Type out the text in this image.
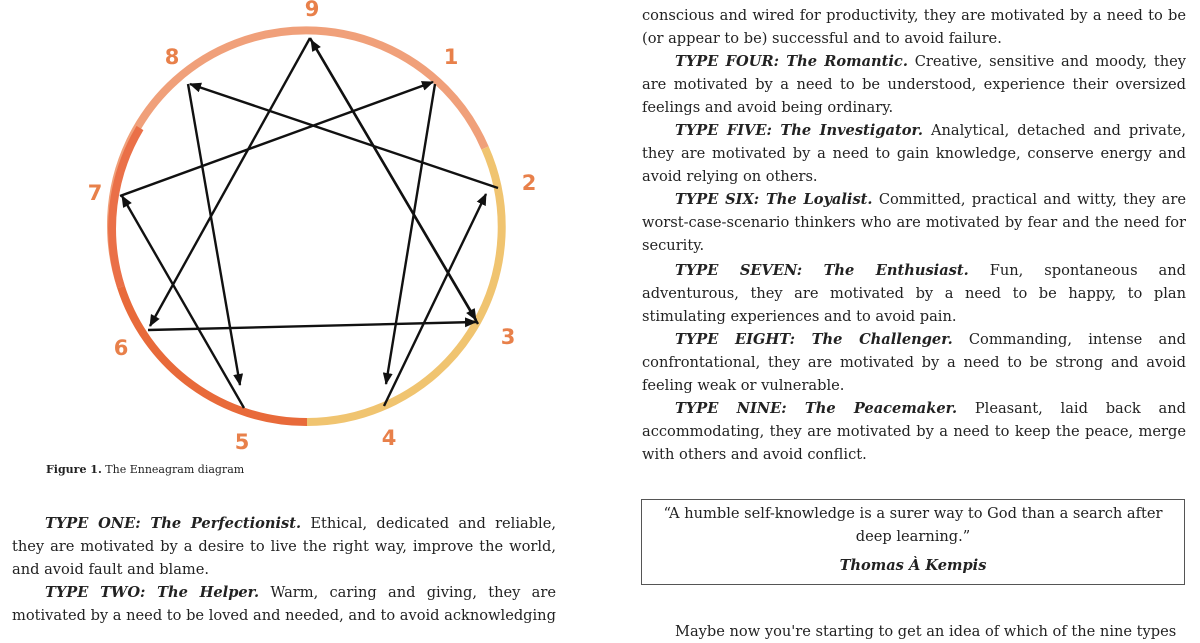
9
1
2
3
4
5
6
7
8
Figure 1. The Enneagram diagram
TYPE ONE: The Perfectionist. Ethical, dedicated and reliable, they are motivated by a desire to live the right way, improve the world, and avoid fault and blame.
TYPE TWO: The Helper. Warm, caring and giving, they are motivated by a need to be loved and needed, and to avoid acknowledging
conscious and wired for productivity, they are motivated by a need to be (or appear to be) successful and to avoid failure.
TYPE FOUR: The Romantic. Creative, sensitive and moody, they are motivated by a need to be understood, experience their oversized feelings and avoid being ordinary.
TYPE FIVE: The Investigator. Analytical, detached and private, they are motivated by a need to gain knowledge, conserve energy and avoid relying on others.
TYPE SIX: The Loyalist. Committed, practical and witty, they are worst-case-scenario thinkers who are motivated by fear and the need for security.
TYPE SEVEN: The Enthusiast. Fun, spontaneous and adventurous, they are motivated by a need to be happy, to plan stimulating experiences and to avoid pain.
TYPE EIGHT: The Challenger. Commanding, intense and confrontational, they are motivated by a need to be strong and avoid feeling weak or vulnerable.
TYPE NINE: The Peacemaker. Pleasant, laid back and accommodating, they are motivated by a need to keep the peace, merge with others and avoid conflict.
“A humble self-knowledge is a surer way to God than a search after deep learning.”
Thomas À Kempis
Maybe now you're starting to get an idea of which of the nine types
